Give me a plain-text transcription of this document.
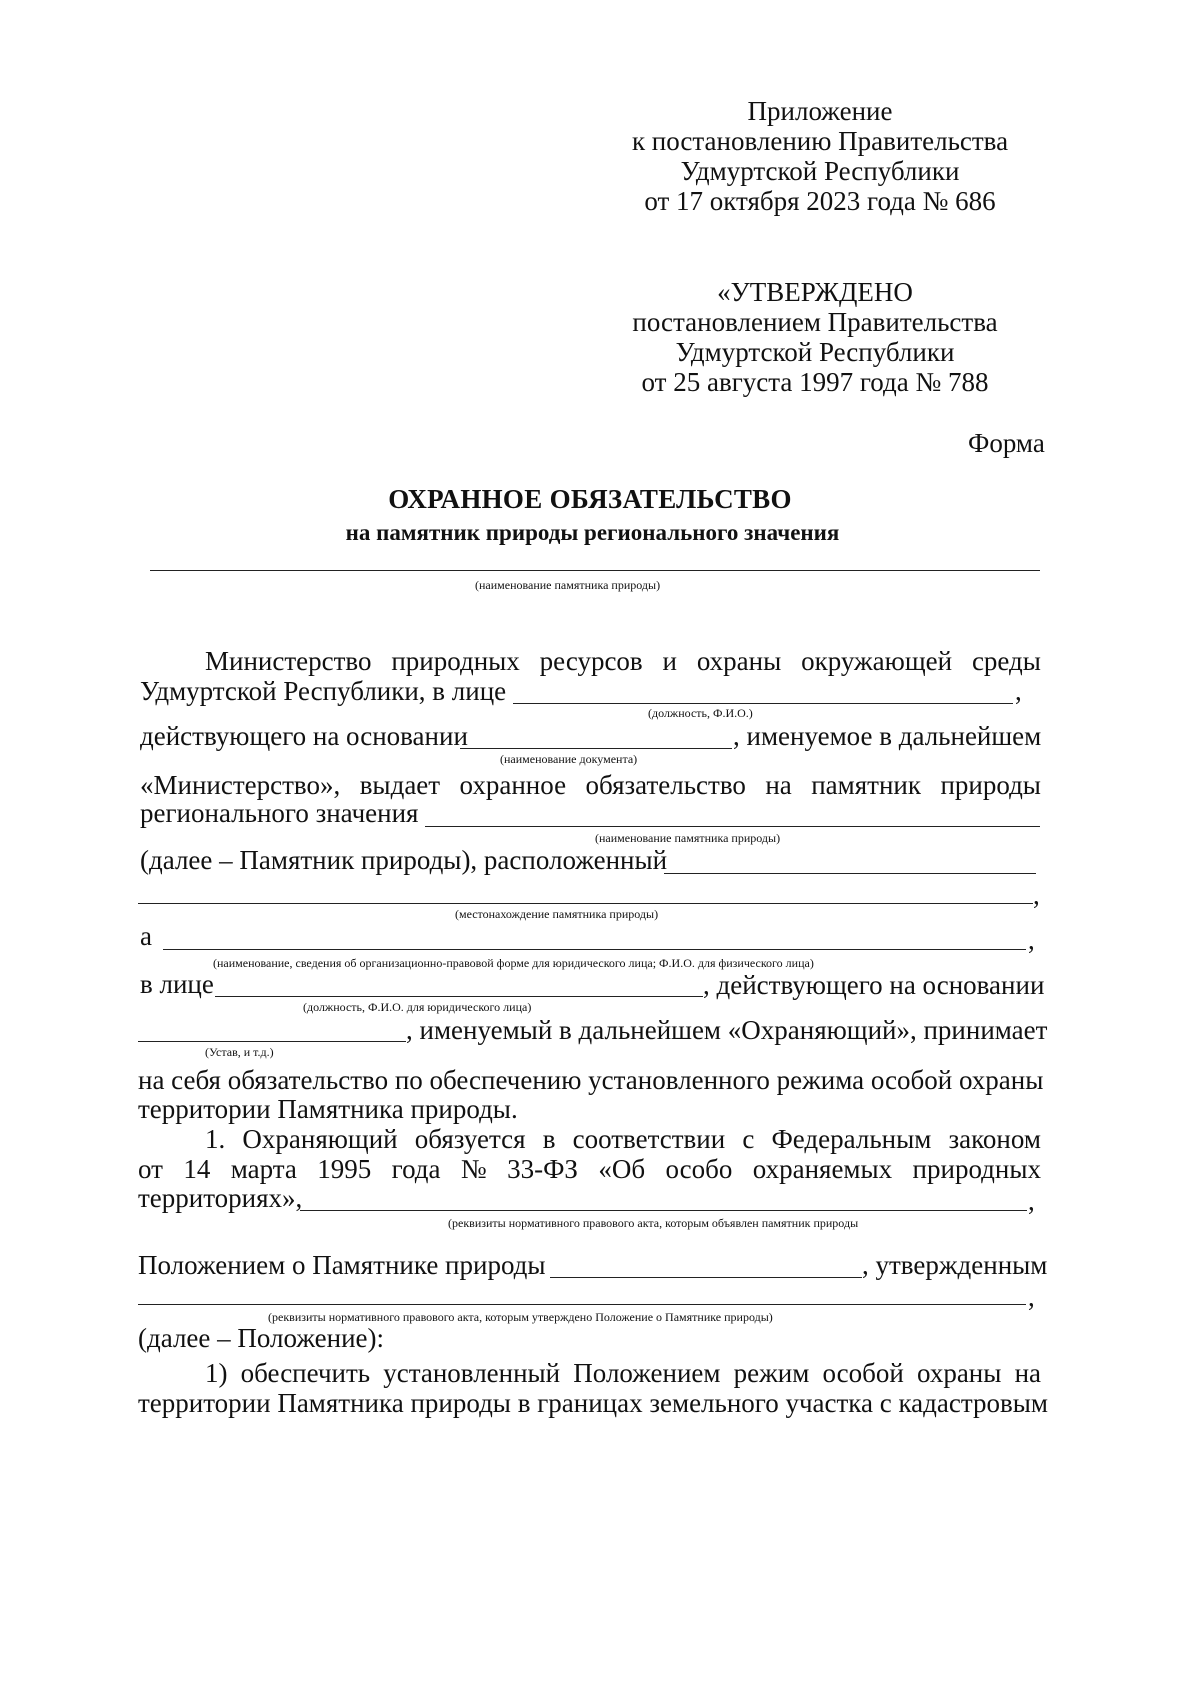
Приложение
к постановлению Правительства
Удмуртской Республики
от 17 октября 2023 года № 686
«УТВЕРЖДЕНО
постановлением Правительства
Удмуртской Республики
от 25 августа 1997 года № 788
Форма
ОХРАННОЕ ОБЯЗАТЕЛЬСТВО
на памятник природы регионального значения
(наименование памятника природы)
Министерство природных ресурсов и охраны окружающей среды
Удмуртской Республики, в лице	,
(должность, Ф.И.О.)
действующего на основании	, именуемое в дальнейшем
(наименование документа)
«Министерство», выдает охранное обязательство на памятник природы
регионального значения
(наименование памятника природы)
(далее – Памятник природы), расположенный
,
(местонахождение памятника природы)
а	,
(наименование, сведения об организационно-правовой форме для юридического лица; Ф.И.О. для физического лица)
в лице	, действующего на основании
(должность, Ф.И.О. для юридического лица)
, именуемый в дальнейшем «Охраняющий», принимает
(Устав, и т.д.)
на себя обязательство по обеспечению установленного режима особой охраны
территории Памятника природы.
1. Охраняющий обязуется в соответствии с Федеральным законом
от 14 марта 1995 года № 33-ФЗ «Об особо охраняемых природных
территориях»,	,
(реквизиты нормативного правового акта, которым объявлен памятник природы
Положением о Памятнике природы	, утвержденным
,
(реквизиты нормативного правового акта, которым утверждено Положение о Памятнике природы)
(далее – Положение):
1) обеспечить установленный Положением режим особой охраны на
территории Памятника природы в границах земельного участка с кадастровым
